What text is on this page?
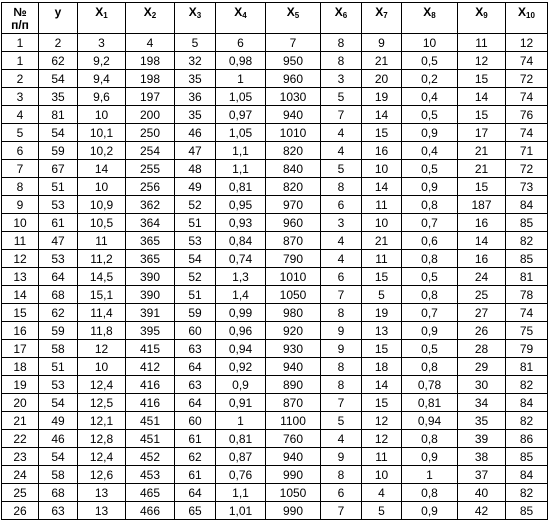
№
п/п	y	$X_1$	$X_2$	$X_3$	$X_4$	$X_5$	$X_6$	$X_7$	$X_8$	$X_9$	$X_{10}$
1	2	3	4	5	6	7	8	9	10	11	12
1	62	9,2	198	32	0,98	950	8	21	0,5	12	74
2	54	9,4	198	35	1	960	3	20	0,2	15	72
3	35	9,6	197	36	1,05	1030	5	19	0,4	14	74
4	81	10	200	35	0,97	940	7	14	0,5	15	76
5	54	10,1	250	46	1,05	1010	4	15	0,9	17	74
6	59	10,2	254	47	1,1	820	4	16	0,4	21	71
7	67	14	255	48	1,1	840	5	10	0,5	21	72
8	51	10	256	49	0,81	820	8	14	0,9	15	73
9	53	10,9	362	52	0,95	970	6	11	0,8	187	84
10	61	10,5	364	51	0,93	960	3	10	0,7	16	85
11	47	11	365	53	0,84	870	4	21	0,6	14	82
12	53	11,2	365	54	0,74	790	4	11	0,8	16	85
13	64	14,5	390	52	1,3	1010	6	15	0,5	24	81
14	68	15,1	390	51	1,4	1050	7	5	0,8	25	78
15	62	11,4	391	59	0,99	980	8	19	0,7	27	74
16	59	11,8	395	60	0,96	920	9	13	0,9	26	75
17	58	12	415	63	0,94	930	9	15	0,5	28	79
18	51	10	412	64	0,92	940	8	18	0,8	29	81
19	53	12,4	416	63	0,9	890	8	14	0,78	30	82
20	54	12,5	416	64	0,91	870	7	15	0,81	34	84
21	49	12,1	451	60	1	1100	5	12	0,94	35	82
22	46	12,8	451	61	0,81	760	4	12	0,8	39	86
23	54	12,4	452	62	0,87	940	9	11	0,9	38	85
24	58	12,6	453	61	0,76	990	8	10	1	37	84
25	68	13	465	64	1,1	1050	6	4	0,8	40	82
26	63	13	466	65	1,01	990	7	5	0,9	42	85
